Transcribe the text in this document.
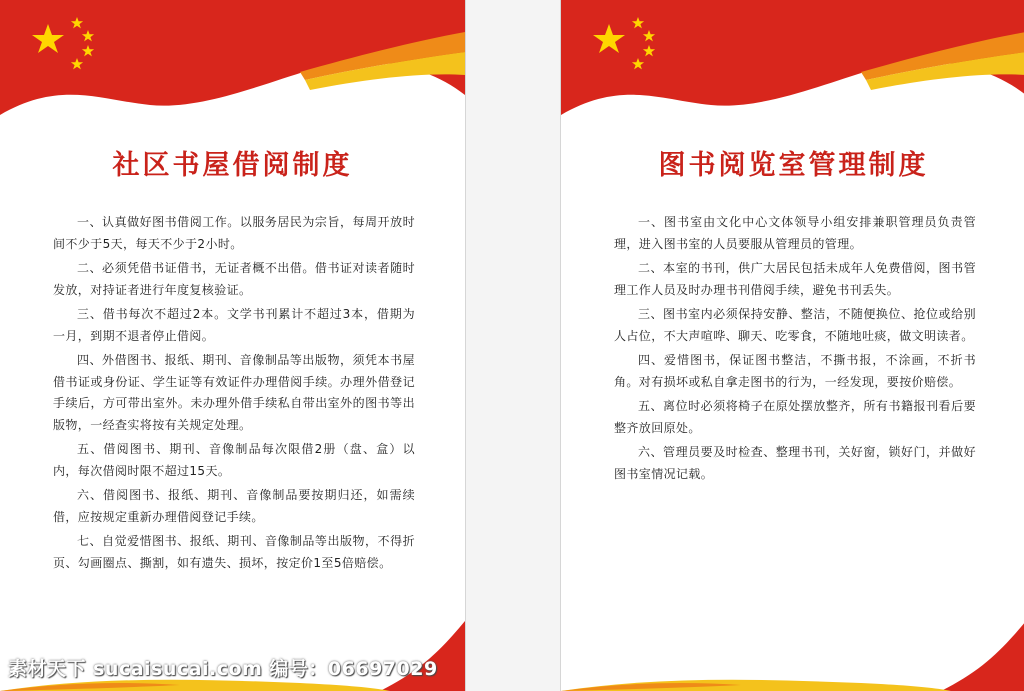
社区书屋借阅制度

一、认真做好图书借阅工作。以服务居民为宗旨，每周开放时间不少于5天，每天不少于2小时。

二、必须凭借书证借书，无证者概不出借。借书证对读者随时发放，对持证者进行年度复核验证。

三、借书每次不超过2本。文学书刊累计不超过3本，借期为一月，到期不退者停止借阅。

四、外借图书、报纸、期刊、音像制品等出版物，须凭本书屋借书证或身份证、学生证等有效证件办理借阅手续。办理外借登记手续后，方可带出室外。未办理外借手续私自带出室外的图书等出版物，一经查实将按有关规定处理。

五、借阅图书、期刊、音像制品每次限借2册（盘、盒）以内，每次借阅时限不超过15天。

六、借阅图书、报纸、期刊、音像制品要按期归还，如需续借，应按规定重新办理借阅登记手续。

七、自觉爱惜图书、报纸、期刊、音像制品等出版物，不得折页、勾画圈点、撕割，如有遗失、损坏，按定价1至5倍赔偿。

素材天下 sucaisucai.com 编号：06697029
图书阅览室管理制度

一、图书室由文化中心文体领导小组安排兼职管理员负责管理，进入图书室的人员要服从管理员的管理。

二、本室的书刊，供广大居民包括未成年人免费借阅，图书管理工作人员及时办理书刊借阅手续，避免书刊丢失。

三、图书室内必须保持安静、整洁，不随便换位、抢位或给别人占位，不大声喧哗、聊天、吃零食，不随地吐痰，做文明读者。

四、爱惜图书，保证图书整洁，不撕书报，不涂画，不折书角。对有损坏或私自拿走图书的行为，一经发现，要按价赔偿。

五、离位时必须将椅子在原处摆放整齐，所有书籍报刊看后要整齐放回原处。

六、管理员要及时检查、整理书刊，关好窗，锁好门，并做好图书室情况记载。
